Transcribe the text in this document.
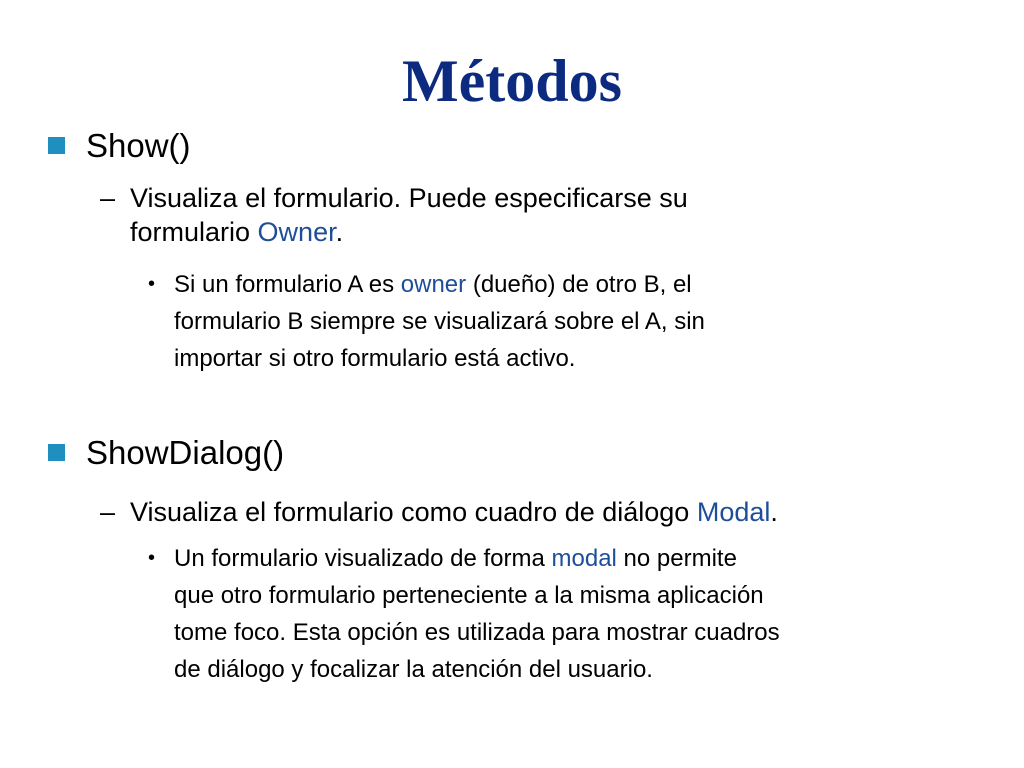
Métodos
Show()
– Visualiza el formulario. Puede especificarse su
formulario Owner.
• Si un formulario A es owner (dueño) de otro B, el
formulario B siempre se visualizará sobre el A, sin
importar si otro formulario está activo.
ShowDialog()
– Visualiza el formulario como cuadro de diálogo Modal.
• Un formulario visualizado de forma modal no permite
que otro formulario perteneciente a la misma aplicación
tome foco. Esta opción es utilizada para mostrar cuadros
de diálogo y focalizar la atención del usuario.
